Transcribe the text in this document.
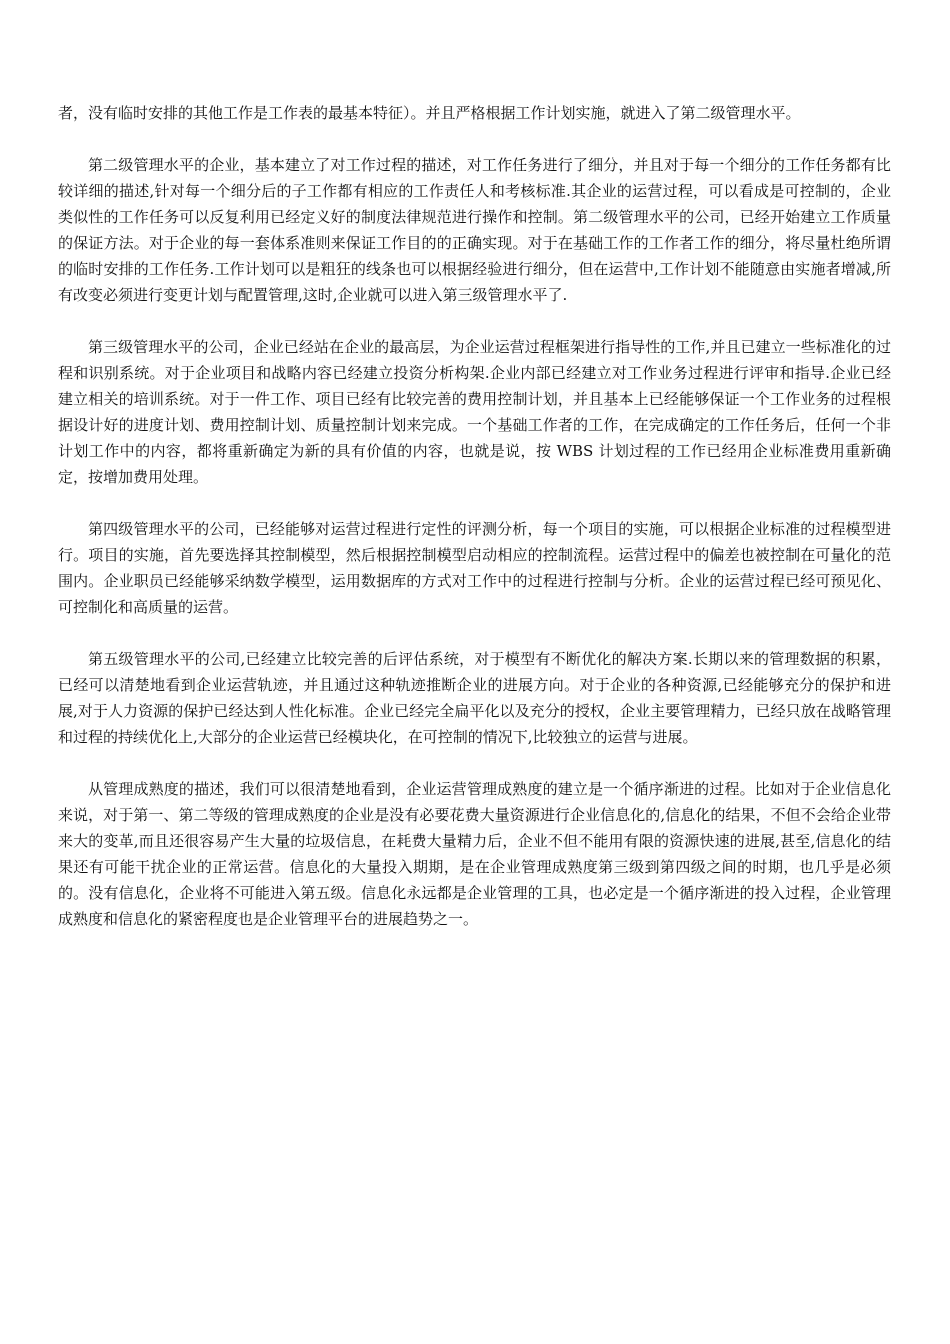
者，没有临时安排的其他工作是工作表的最基本特征）。并且严格根据工作计划实施，就进入了第二级管理水平。

第二级管理水平的企业，基本建立了对工作过程的描述，对工作任务进行了细分，并且对于每一个细分的工作任务都有比较详细的描述,针对每一个细分后的子工作都有相应的工作责任人和考核标准.其企业的运营过程，可以看成是可控制的，企业类似性的工作任务可以反复利用已经定义好的制度法律规范进行操作和控制。第二级管理水平的公司，已经开始建立工作质量的保证方法。对于企业的每一套体系准则来保证工作目的的正确实现。对于在基础工作的工作者工作的细分，将尽量杜绝所谓的临时安排的工作任务.工作计划可以是粗狂的线条也可以根据经验进行细分，但在运营中,工作计划不能随意由实施者增减,所有改变必须进行变更计划与配置管理,这时,企业就可以进入第三级管理水平了.

第三级管理水平的公司，企业已经站在企业的最高层，为企业运营过程框架进行指导性的工作,并且已建立一些标准化的过程和识别系统。对于企业项目和战略内容已经建立投资分析构架.企业内部已经建立对工作业务过程进行评审和指导.企业已经建立相关的培训系统。对于一件工作、项目已经有比较完善的费用控制计划，并且基本上已经能够保证一个工作业务的过程根据设计好的进度计划、费用控制计划、质量控制计划来完成。一个基础工作者的工作，在完成确定的工作任务后，任何一个非计划工作中的内容，都将重新确定为新的具有价值的内容，也就是说，按 WBS 计划过程的工作已经用企业标准费用重新确定，按增加费用处理。

第四级管理水平的公司，已经能够对运营过程进行定性的评测分析，每一个项目的实施，可以根据企业标准的过程模型进行。项目的实施，首先要选择其控制模型，然后根据控制模型启动相应的控制流程。运营过程中的偏差也被控制在可量化的范围内。企业职员已经能够采纳数学模型，运用数据库的方式对工作中的过程进行控制与分析。企业的运营过程已经可预见化、可控制化和高质量的运营。

第五级管理水平的公司,已经建立比较完善的后评估系统，对于模型有不断优化的解决方案.长期以来的管理数据的积累，已经可以清楚地看到企业运营轨迹，并且通过这种轨迹推断企业的进展方向。对于企业的各种资源,已经能够充分的保护和进展,对于人力资源的保护已经达到人性化标准。企业已经完全扁平化以及充分的授权，企业主要管理精力，已经只放在战略管理和过程的持续优化上,大部分的企业运营已经模块化，在可控制的情况下,比较独立的运营与进展。

从管理成熟度的描述，我们可以很清楚地看到，企业运营管理成熟度的建立是一个循序渐进的过程。比如对于企业信息化来说，对于第一、第二等级的管理成熟度的企业是没有必要花费大量资源进行企业信息化的,信息化的结果，不但不会给企业带来大的变革,而且还很容易产生大量的垃圾信息，在耗费大量精力后，企业不但不能用有限的资源快速的进展,甚至,信息化的结果还有可能干扰企业的正常运营。信息化的大量投入期期，是在企业管理成熟度第三级到第四级之间的时期，也几乎是必须的。没有信息化，企业将不可能进入第五级。信息化永远都是企业管理的工具，也必定是一个循序渐进的投入过程，企业管理成熟度和信息化的紧密程度也是企业管理平台的进展趋势之一。
